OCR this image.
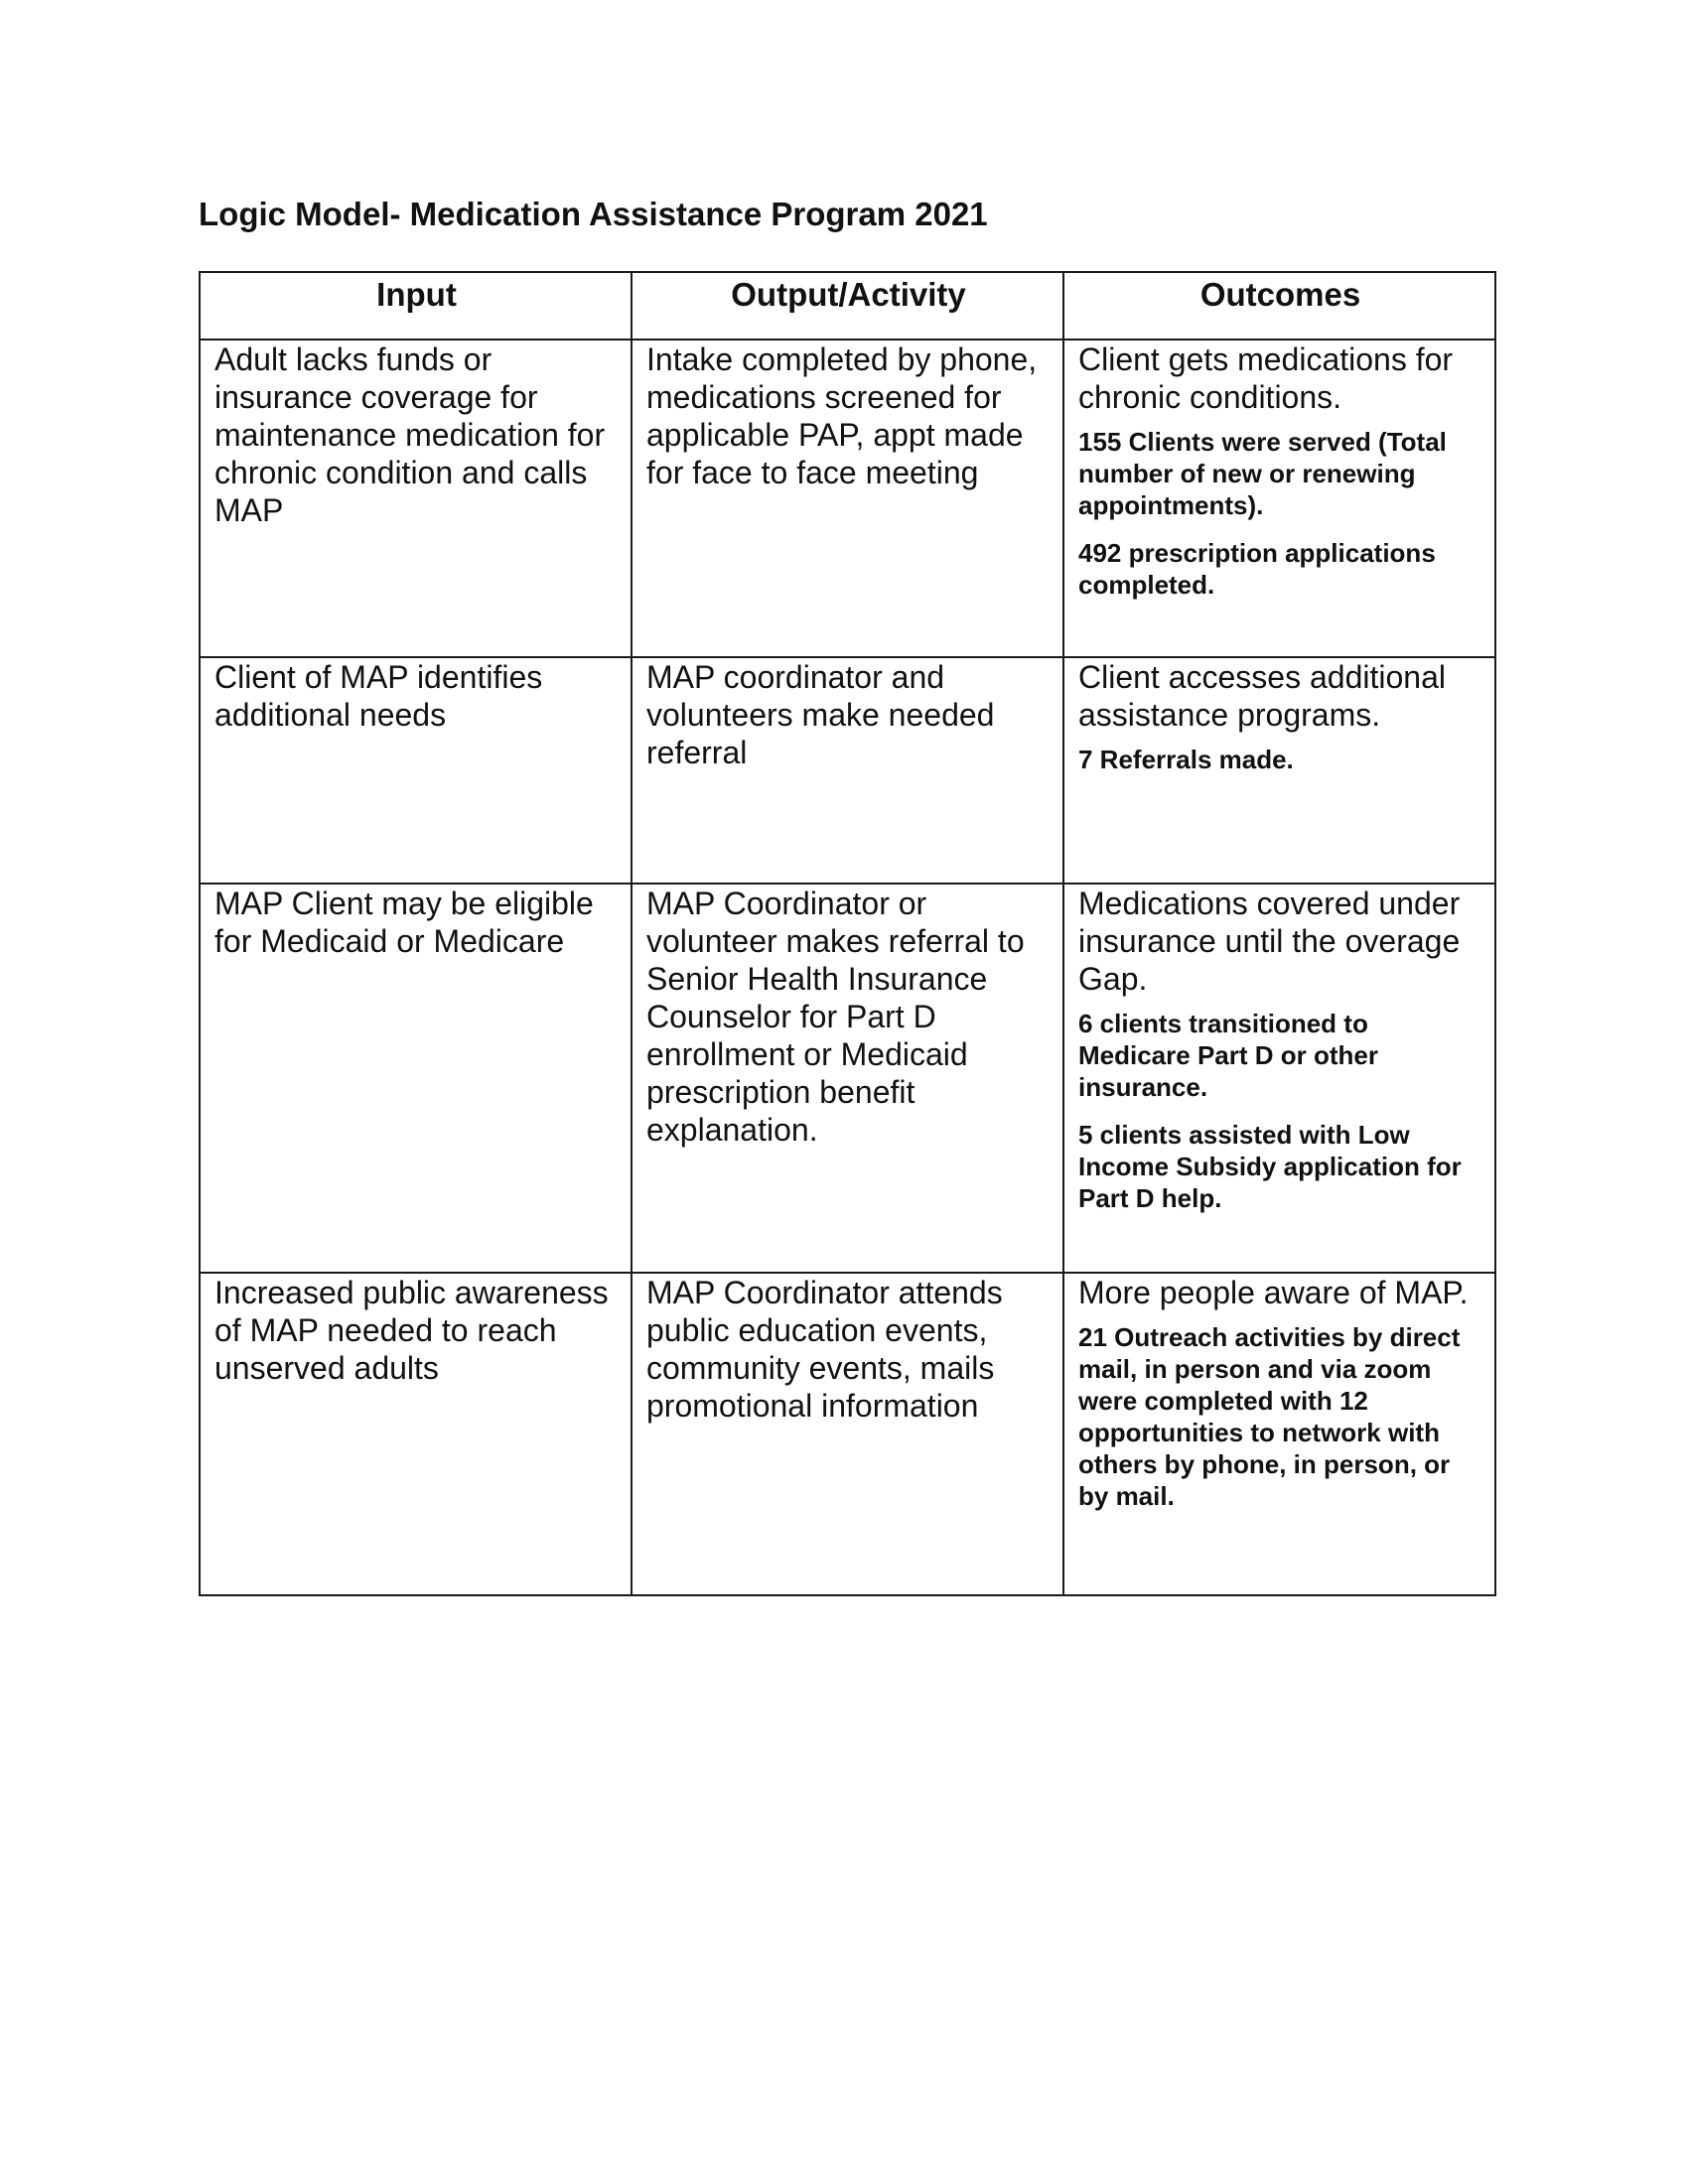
Logic Model- Medication Assistance Program 2021
Input	Output/Activity	Outcomes

Adult lacks funds or insurance coverage for maintenance medication for chronic condition and calls MAP	Intake completed by phone, medications screened for applicable PAP, appt made for face to face meeting	Client gets medications for chronic conditions.

155 Clients were served (Total number of new or renewing appointments).

492 prescription applications completed.

Client of MAP identifies additional needs	MAP coordinator and volunteers make needed referral	Client accesses additional assistance programs.

7 Referrals made.

MAP Client may be eligible for Medicaid or Medicare	MAP Coordinator or volunteer makes referral to Senior Health Insurance Counselor for Part D enrollment or Medicaid prescription benefit explanation.	Medications covered under insurance until the overage Gap.

6 clients transitioned to Medicare Part D or other insurance.

5 clients assisted with Low Income Subsidy application for Part D help.

Increased public awareness of MAP needed to reach unserved adults	MAP Coordinator attends public education events, community events, mails promotional information	More people aware of MAP.

21 Outreach activities by direct mail, in person and via zoom were completed with 12 opportunities to network with others by phone, in person, or by mail.
